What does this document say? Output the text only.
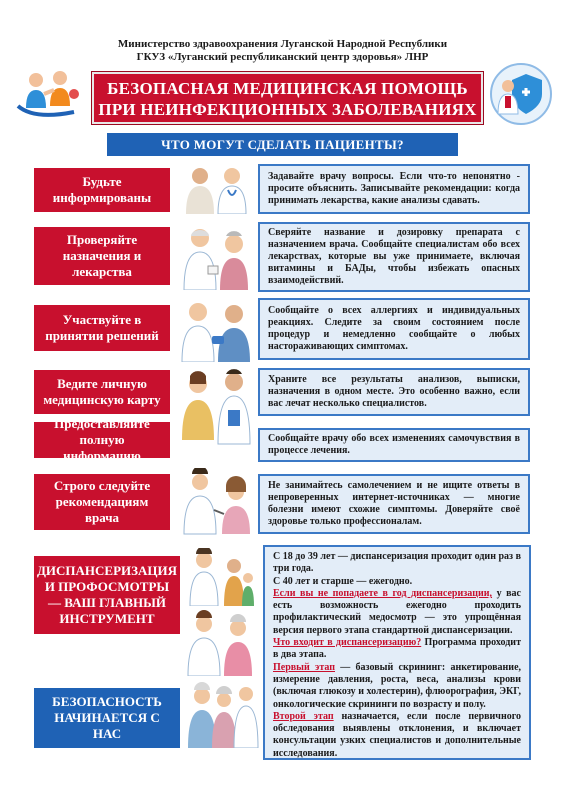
Министерство здравоохранения Луганской Народной Республики
ГКУЗ «Луганский республиканский центр здоровья» ЛНР
БЕЗОПАСНАЯ МЕДИЦИНСКАЯ ПОМОЩЬ
ПРИ НЕИНФЕКЦИОННЫХ ЗАБОЛЕВАНИЯХ
ЧТО МОГУТ СДЕЛАТЬ ПАЦИЕНТЫ?
Будьте информированы
Задавайте врачу вопросы. Если что-то непонятно - просите объяснить. Записывайте рекомендации: когда принимать лекарства, какие анализы сдавать.
Проверяйте назначения и лекарства
Сверяйте название и дозировку препарата с назначением врача. Сообщайте специалистам обо всех лекарствах, которые вы уже принимаете, включая витамины и БАДы, чтобы избежать опасных взаимодействий.
Участвуйте в принятии решений
Сообщайте о всех аллергиях и индивидуальных реакциях. Следите за своим состоянием после процедур и немедленно сообщайте о любых настораживающих симптомах.
Ведите личную медицинскую карту
Храните все результаты анализов, выписки, назначения в одном месте. Это особенно важно, если вас лечат несколько специалистов.
Предоставляйте полную информацию
Сообщайте врачу обо всех изменениях самочувствия в процессе лечения.
Строго следуйте рекомендациям врача
Не занимайтесь самолечением и не ищите ответы в непроверенных интернет-источниках — многие болезни имеют схожие симптомы. Доверяйте своё здоровье только профессионалам.
ДИСПАНСЕРИЗАЦИЯ И ПРОФОСМОТРЫ — ВАШ ГЛАВНЫЙ ИНСТРУМЕНТ

С 18 до 39 лет — диспансеризация проходит один раз в три года.

С 40 лет и старше — ежегодно.

Если вы не попадаете в год диспансеризации, у вас есть возможность ежегодно проходить профилактический медосмотр — это упрощённая версия первого этапа стандартной диспансеризации.

Что входит в диспансеризацию? Программа проходит в два этапа.

Первый этап — базовый скрининг: анкетирование, измерение давления, роста, веса, анализы крови (включая глюкозу и холестерин), флюорография, ЭКГ, онкологические скрининги по возрасту и полу.

Второй этап назначается, если после первичного обследования выявлены отклонения, и включает консультации узких специалистов и дополнительные исследования.

БЕЗОПАСНОСТЬ НАЧИНАЕТСЯ С НАС
